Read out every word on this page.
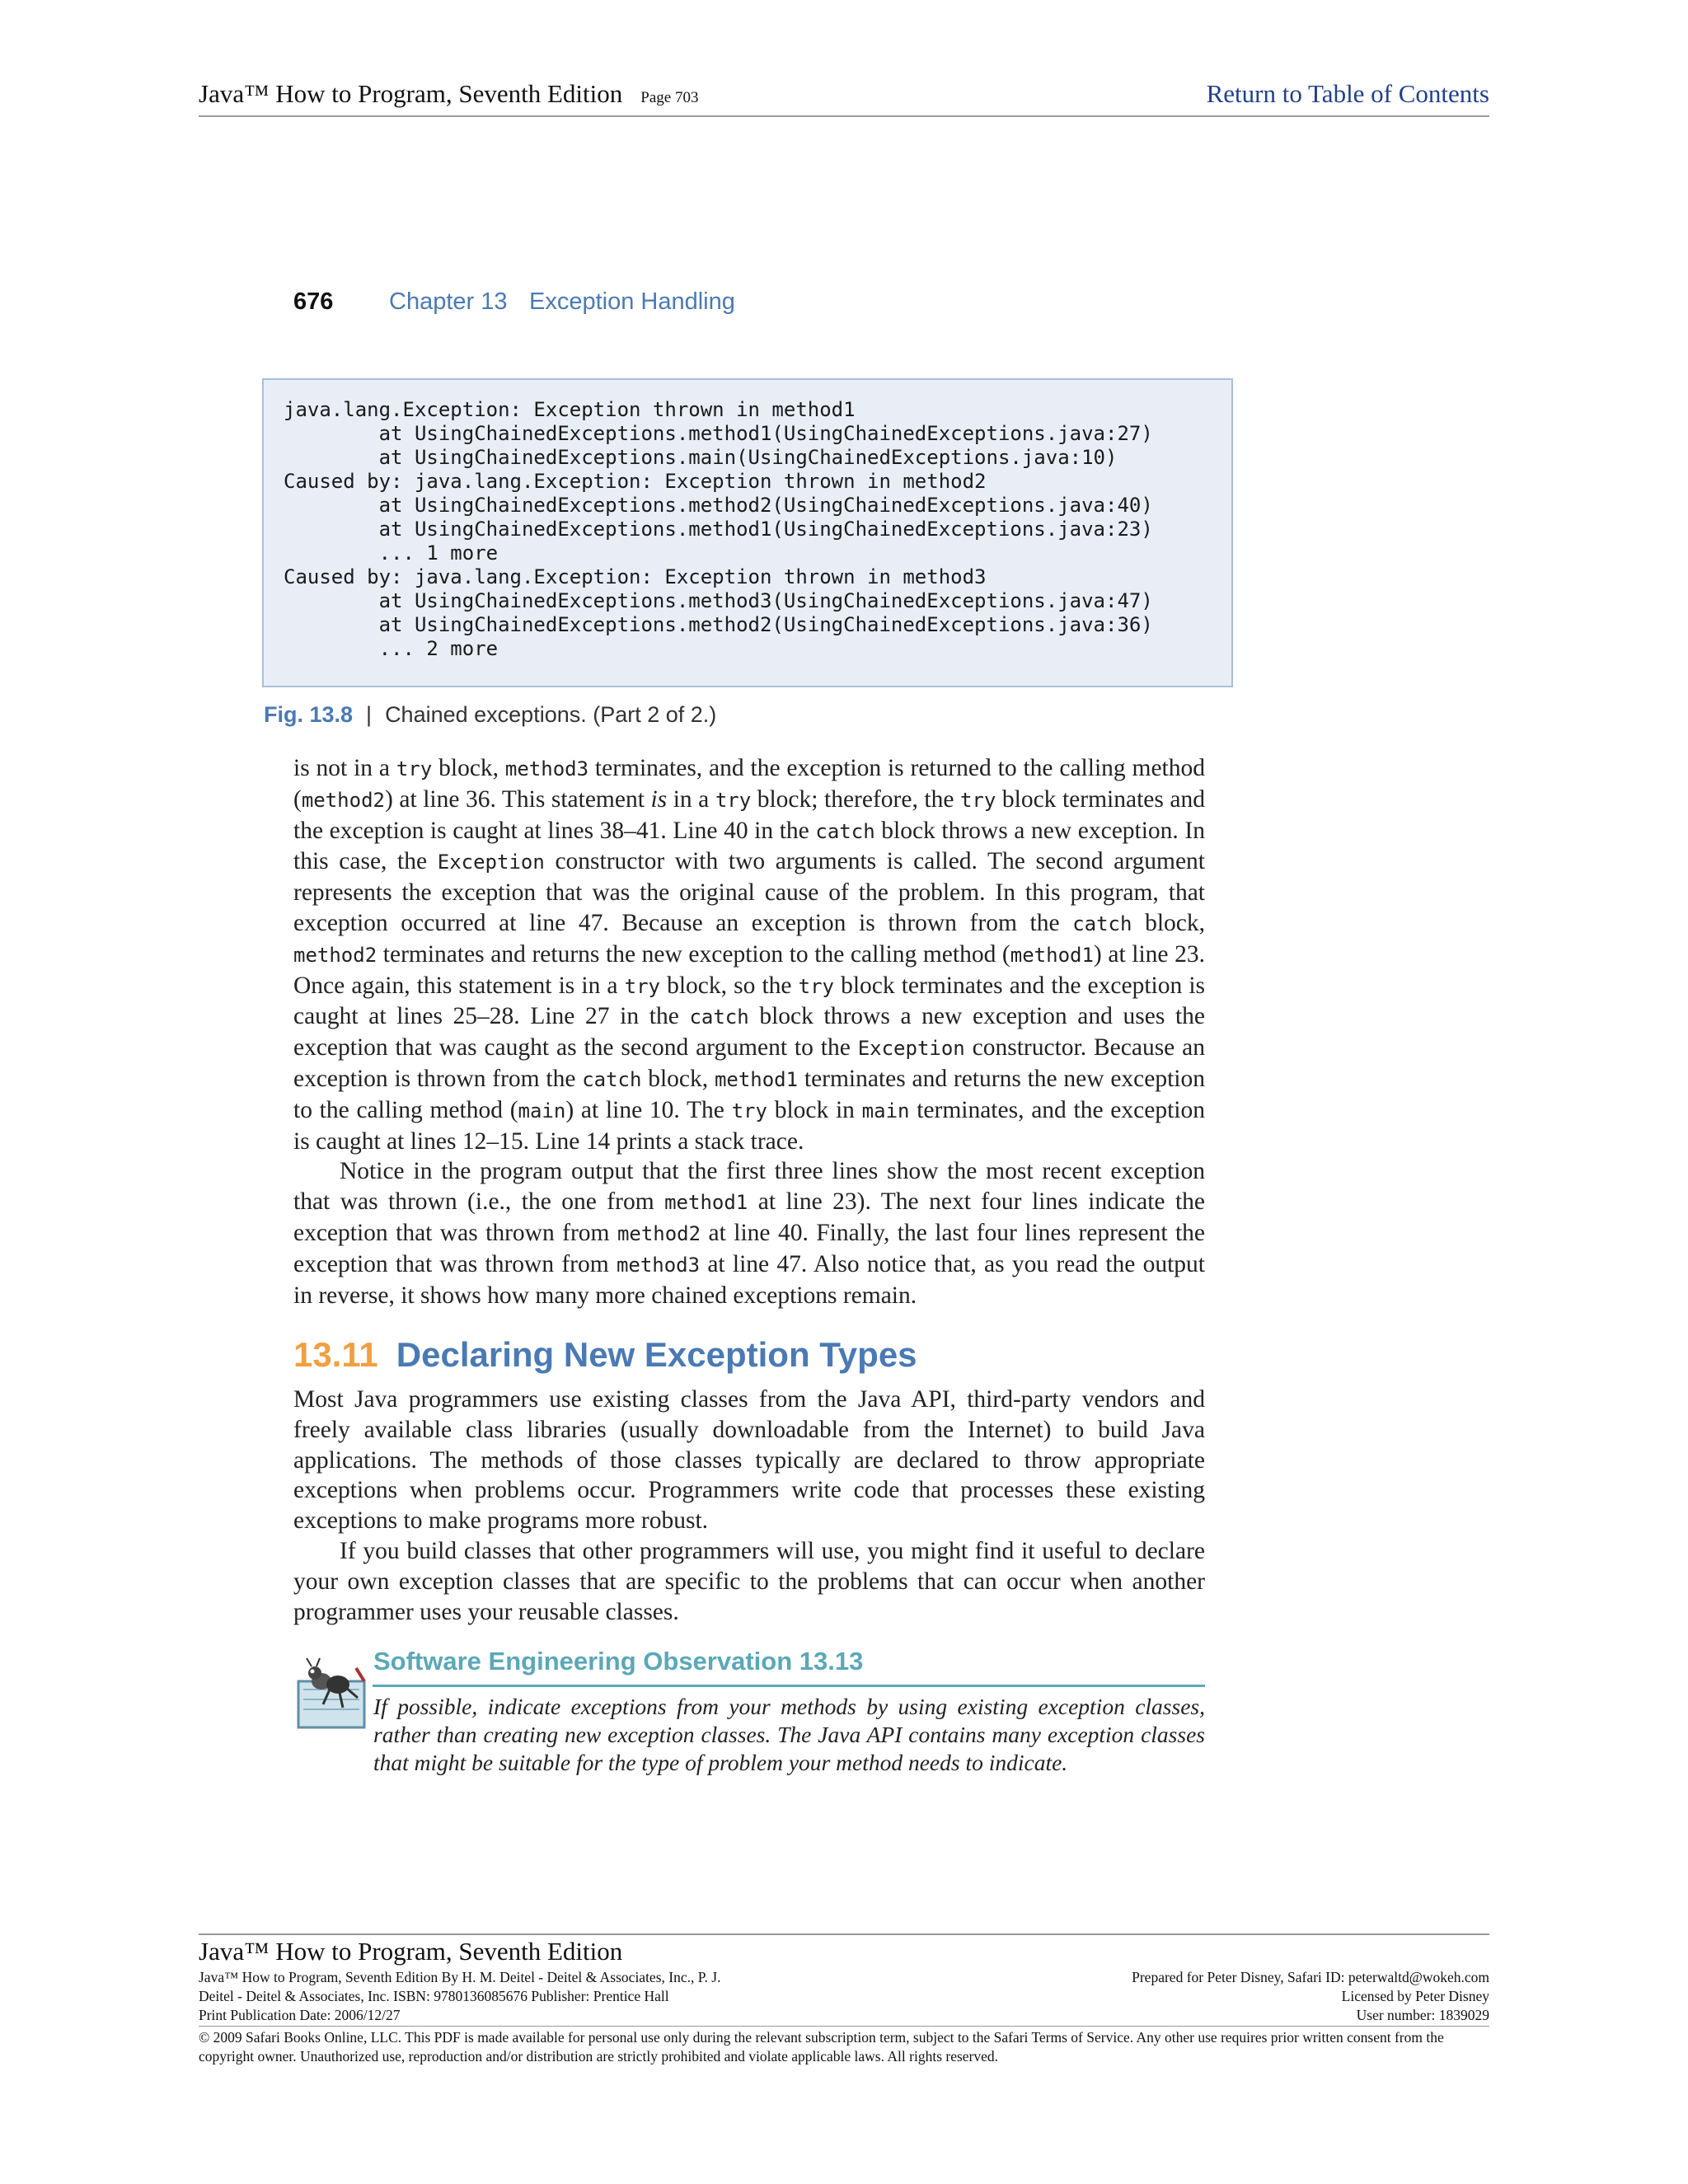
Java™ How to Program, Seventh Edition Page 703	Return to Table of Contents
676 Chapter 13 Exception Handling
java.lang.Exception: Exception thrown in method1
at UsingChainedExceptions.method1(UsingChainedExceptions.java:27)
at UsingChainedExceptions.main(UsingChainedExceptions.java:10)
Caused by: java.lang.Exception: Exception thrown in method2
at UsingChainedExceptions.method2(UsingChainedExceptions.java:40)
at UsingChainedExceptions.method1(UsingChainedExceptions.java:23)
... 1 more
Caused by: java.lang.Exception: Exception thrown in method3
at UsingChainedExceptions.method3(UsingChainedExceptions.java:47)
at UsingChainedExceptions.method2(UsingChainedExceptions.java:36)
... 2 more
Fig. 13.8 | Chained exceptions. (Part 2 of 2.)

is not in a try block, method3 terminates, and the exception is returned to the calling method (method2) at line 36. This statement is in a try block; therefore, the try block terminates and the exception is caught at lines 38–41. Line 40 in the catch block throws a new exception. In this case, the Exception constructor with two arguments is called. The second argument represents the exception that was the original cause of the problem. In this program, that exception occurred at line 47. Because an exception is thrown from the catch block, method2 terminates and returns the new exception to the calling method (method1) at line 23. Once again, this statement is in a try block, so the try block terminates and the exception is caught at lines 25–28. Line 27 in the catch block throws a new exception and uses the exception that was caught as the second argument to the Exception constructor. Because an exception is thrown from the catch block, method1 terminates and returns the new exception to the calling method (main) at line 10. The try block in main terminates, and the exception is caught at lines 12–15. Line 14 prints a stack trace.

Notice in the program output that the first three lines show the most recent exception that was thrown (i.e., the one from method1 at line 23). The next four lines indicate the exception that was thrown from method2 at line 40. Finally, the last four lines represent the exception that was thrown from method3 at line 47. Also notice that, as you read the output in reverse, it shows how many more chained exceptions remain.

13.11 Declaring New Exception Types

Most Java programmers use existing classes from the Java API, third-party vendors and freely available class libraries (usually downloadable from the Internet) to build Java applications. The methods of those classes typically are declared to throw appropriate exceptions when problems occur. Programmers write code that processes these existing exceptions to make programs more robust.

If you build classes that other programmers will use, you might find it useful to declare your own exception classes that are specific to the problems that can occur when another programmer uses your reusable classes.

Software Engineering Observation 13.13

If possible, indicate exceptions from your methods by using existing exception classes, rather than creating new exception classes. The Java API contains many exception classes that might be suitable for the type of problem your method needs to indicate.

Java™ How to Program, Seventh Edition
Java™ How to Program, Seventh Edition By H. M. Deitel - Deitel & Associates, Inc., P. J.
Deitel - Deitel & Associates, Inc. ISBN: 9780136085676 Publisher: Prentice Hall
Print Publication Date: 2006/12/27
Prepared for Peter Disney, Safari ID: peterwaltd@wokeh.com
Licensed by Peter Disney
User number: 1839029
© 2009 Safari Books Online, LLC. This PDF is made available for personal use only during the relevant subscription term, subject to the Safari Terms of Service. Any other use requires prior written consent from the copyright owner. Unauthorized use, reproduction and/or distribution are strictly prohibited and violate applicable laws. All rights reserved.
